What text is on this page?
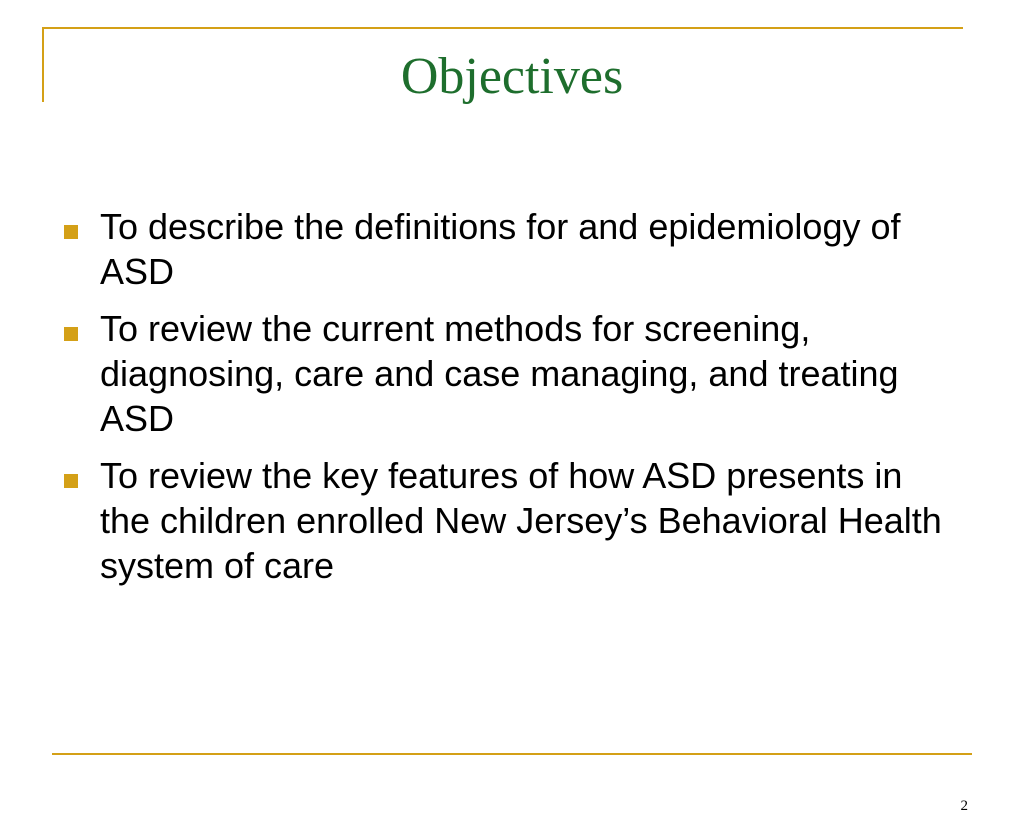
Objectives
To describe the definitions for and epidemiology of ASD
To review the current methods for screening, diagnosing, care and case managing, and treating ASD
To review the key features of how ASD presents in the children enrolled New Jersey’s Behavioral Health system of care
2
